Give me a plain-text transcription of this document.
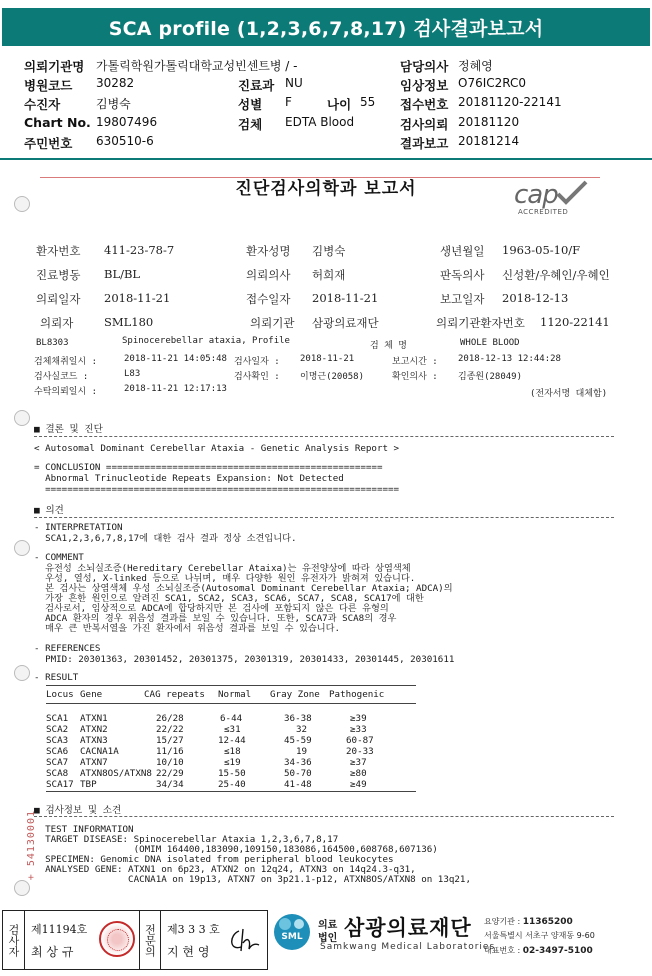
SCA profile (1,2,3,6,7,8,17) 검사결과보고서
의뢰기관명 가톨릭학원가톨릭대학교성빈센트병 / -	담당의사 정혜영
병원코드 30282	진료과 NU	임상정보 O76IC2RC0
수진자	김병숙	성별 F	나이 55 접수번호 20181120-22141
Chart No. 19807496	검체 EDTA Blood	검사의뢰 20181120
주민번호 630510-6	결과보고 20181214
진단검사의학과 보고서	cap
ACCREDITED
환자번호 411-23-78-7	환자성명 김병숙	생년월일 1963-05-10/F
진료병동 BL/BL	의뢰의사 허희재	판독의사 신성환/우혜인/우혜인
의뢰일자 2018-11-21	접수일자 2018-11-21	보고일자 2018-12-13
의뢰자	SML180	의뢰기관 삼광의료재단	의뢰기관환자번호 1120-22141
BL8303	Spinocerebellar ataxia, Profile	검 체 명	WHOLE BLOOD
검체채취일시 :	2018-11-21 14:05:48 검사일자 : 2018-11-21	보고시간 : 2018-12-13 12:44:28
검사실코드 :	L83	검사확인 : 이명근(20058)	확인의사 : 김종원(28049)
수탁의뢰일시 :	2018-11-21 12:17:13	(전자서명 대체함)
■ 결론 및 진단
< Autosomal Dominant Cerebellar Ataxia - Genetic Analysis Report >
= CONCLUSION ==================================================
Abnormal Trinucleotide Repeats Expansion: Not Detected
================================================================
■ 의견
- INTERPRETATION
SCA1,2,3,6,7,8,17에 대한 검사 결과 정상 소견입니다.
- COMMENT
유전성 소뇌실조증(Hereditary Cerebellar Ataixa)는 유전양상에 따라 상염색체
우성, 열성, X-linked 등으로 나뉘며, 매우 다양한 원인 유전자가 밝혀져 있습니다.
본 검사는 상염색체 우성 소뇌실조증(Autosomal Dominant Cerebellar Ataxia; ADCA)의
가장 흔한 원인으로 알려진 SCA1, SCA2, SCA3, SCA6, SCA7, SCA8, SCA17에 대한
검사로서, 임상적으로 ADCA에 합당하지만 본 검사에 포함되지 않은 다른 유형의
ADCA 환자의 경우 위음성 결과를 보일 수 있습니다. 또한, SCA7과 SCA8의 경우
매우 큰 반복서열을 가진 환자에서 위음성 결과를 보일 수 있습니다.
- REFERENCES
PMID: 20301363, 20301452, 20301375, 20301319, 20301433, 20301445, 20301611
- RESULT
Locus Gene	CAG repeats Normal Gray Zone Pathogenic
SCA1 ATXN1	26/28	6-44	36-38	≥39
SCA2 ATXN2	22/22	≤31	32	≥33
SCA3 ATXN3	15/27	12-44	45-59	60-87
SCA6 CACNA1A	11/16	≤18	19	20-33
SCA7 ATXN7	10/10	≤19	34-36	≥37
SCA8 ATXN8OS/ATXN8 22/29	15-50	50-70	≥80
SCA17 TBP	34/34	25-40	41-48	≥49
■ 검사정보 및 소견
TEST INFORMATION
TARGET DISEASE: Spinocerebellar Ataxia 1,2,3,6,7,8,17
(OMIM 164400,183090,109150,183086,164500,608768,607136)
SPECIMEN: Genomic DNA isolated from peripheral blood leukocytes
ANALYSED GENE: ATXN1 on 6p23, ATXN2 on 12q24, ATXN3 on 14q24.3-q31,
CACNA1A on 19p13, ATXN7 on 3p21.1-p12, ATXN8OS/ATXN8 on 13q21,
+ 54130001
검사자 제11194호
최 상 규	전문의 제3 3 3 호
지 현 영
SML
의료
법인 삼광의료재단
Samkwang Medical Laboratories
요양기관 : 11365200
서울특별시 서초구 양재동 9-60
대표번호 : 02-3497-5100
